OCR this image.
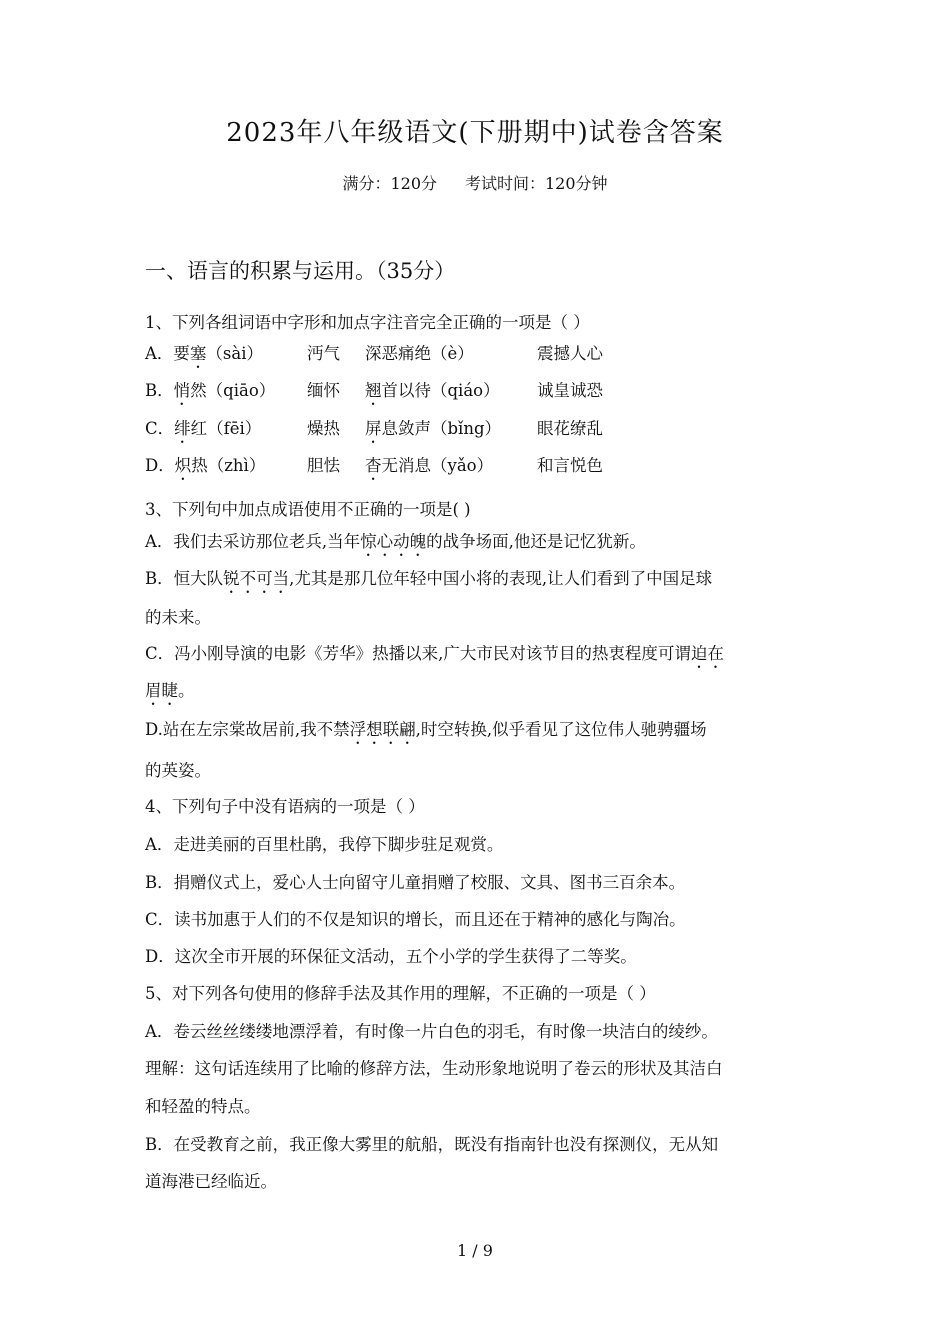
2023年八年级语文(下册期中)试卷含答案
满分：120分 考试时间：120分钟
一、语言的积累与运用。（35分）
1、下列各组词语中字形和加点字注音完全正确的一项是（ ）
A．要塞（sài）	沔气 深恶痛绝（è）	震撼人心
B．悄然（qiāo） 缅怀 翘首以待（qiáo） 诚皇诚恐
C．绯红（fēi）	燥热 屏息敛声（bǐng） 眼花缭乱
D．炽热（zhì）	胆怯 杳无消息（yǎo）	和言悦色
3、下列句中加点成语使用不正确的一项是( )
A．我们去采访那位老兵,当年惊心动魄的战争场面,他还是记忆犹新。
B．恒大队锐不可当,尤其是那几位年轻中国小将的表现,让人们看到了中国足球
的未来。
C．冯小刚导演的电影《芳华》热播以来,广大市民对该节目的热衷程度可谓迫在
眉睫。
D.站在左宗棠故居前,我不禁浮想联翩,时空转换,似乎看见了这位伟人驰骋疆场
的英姿。
4、下列句子中没有语病的一项是（ ）
A．走进美丽的百里杜鹃，我停下脚步驻足观赏。
B．捐赠仪式上，爱心人士向留守儿童捐赠了校服、文具、图书三百余本。
C．读书加惠于人们的不仅是知识的增长，而且还在于精神的感化与陶冶。
D．这次全市开展的环保征文活动，五个小学的学生获得了二等奖。
5、对下列各句使用的修辞手法及其作用的理解，不正确的一项是（ ）
A．卷云丝丝缕缕地漂浮着，有时像一片白色的羽毛，有时像一块洁白的绫纱。
理解：这句话连续用了比喻的修辞方法，生动形象地说明了卷云的形状及其洁白
和轻盈的特点。
B．在受教育之前，我正像大雾里的航船，既没有指南针也没有探测仪，无从知
道海港已经临近。
1 / 9
